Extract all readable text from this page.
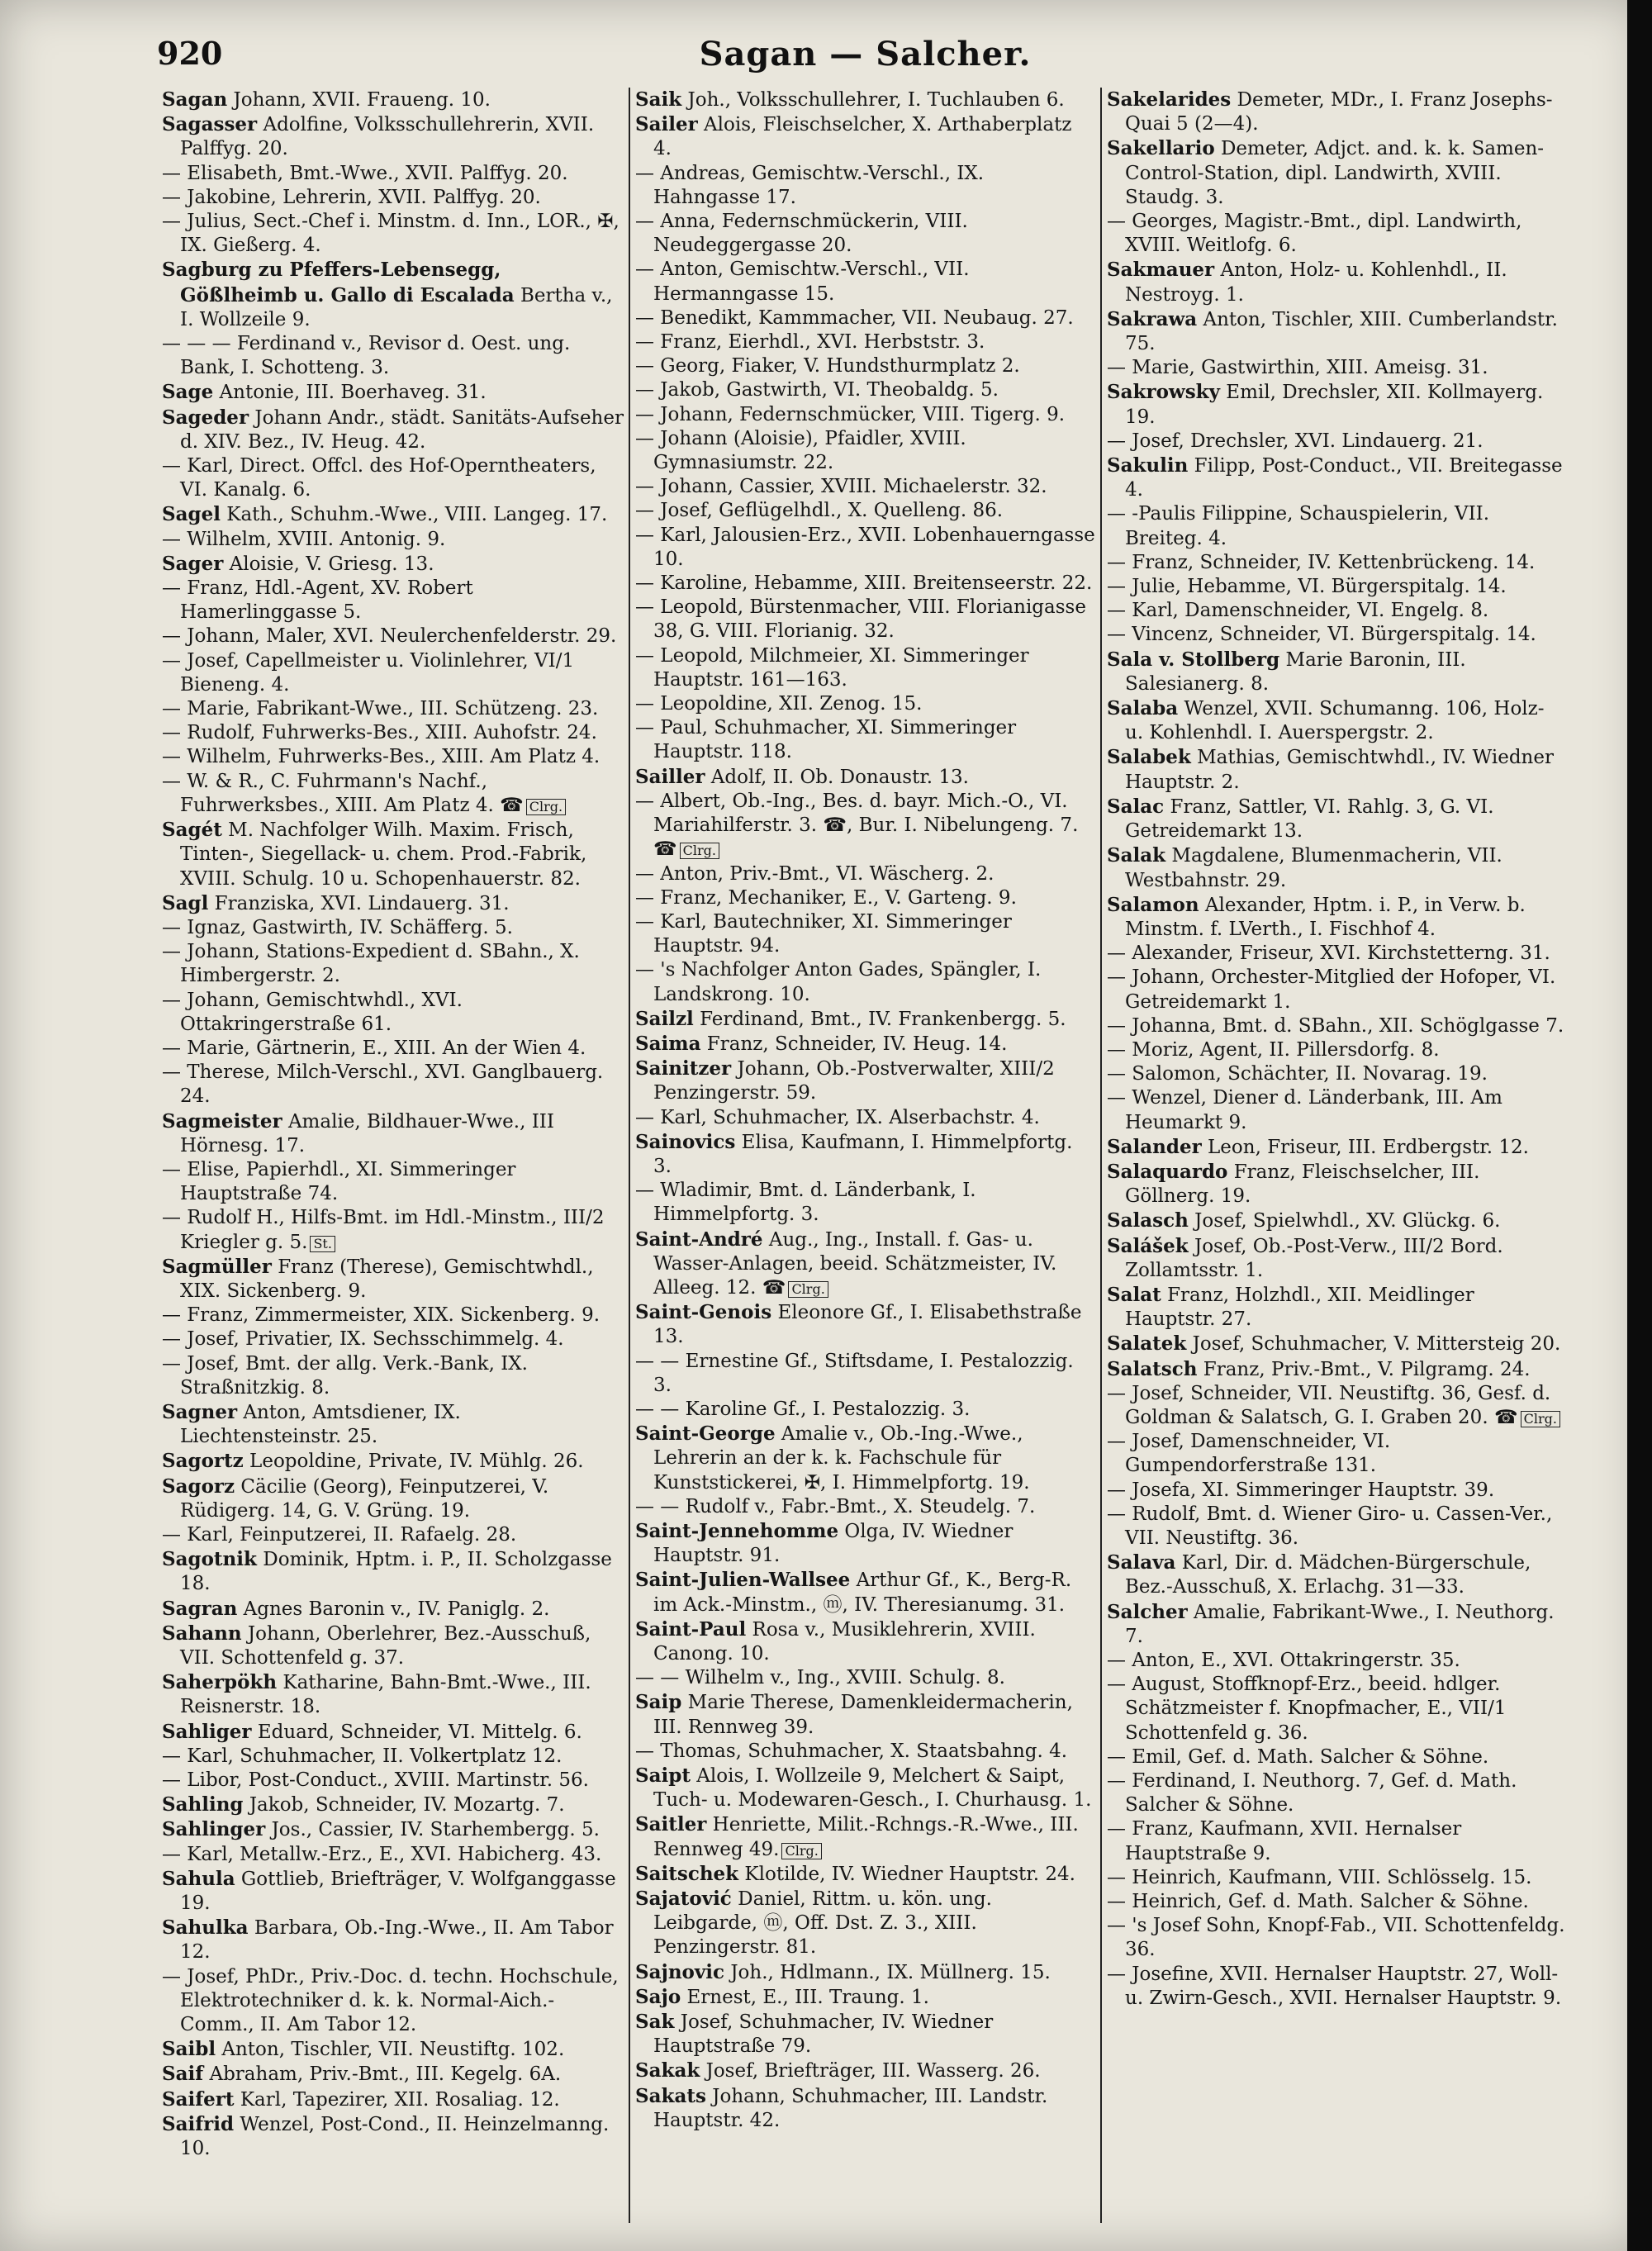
920	Sagan — Salcher.

Sagan Johann, XVII. Fraueng. 10.

Sagasser Adolfine, Volksschullehrerin, XVII. Palffyg. 20.

— Elisabeth, Bmt.-Wwe., XVII. Palffyg. 20.

— Jakobine, Lehrerin, XVII. Palffyg. 20.

— Julius, Sect.-Chef i. Minstm. d. Inn., LOR., ✠, IX. Gießerg. 4.

Sagburg zu Pfeffers-Lebensegg, Gößlheimb u. Gallo di Escalada Bertha v., I. Wollzeile 9.

— — — Ferdinand v., Revisor d. Oest. ung. Bank, I. Schotteng. 3.

Sage Antonie, III. Boerhaveg. 31.

Sageder Johann Andr., städt. Sanitäts-Aufseher d. XIV. Bez., IV. Heug. 42.

— Karl, Direct. Offcl. des Hof-Operntheaters, VI. Kanalg. 6.

Sagel Kath., Schuhm.-Wwe., VIII. Langeg. 17.

— Wilhelm, XVIII. Antonig. 9.

Sager Aloisie, V. Griesg. 13.

— Franz, Hdl.-Agent, XV. Robert Hamerlinggasse 5.

— Johann, Maler, XVI. Neulerchenfelderstr. 29.

— Josef, Capellmeister u. Violinlehrer, VI/1 Bieneng. 4.

— Marie, Fabrikant-Wwe., III. Schützeng. 23.

— Rudolf, Fuhrwerks-Bes., XIII. Auhofstr. 24.

— Wilhelm, Fuhrwerks-Bes., XIII. Am Platz 4.

— W. & R., C. Fuhrmann's Nachf., Fuhrwerksbes., XIII. Am Platz 4. ☎ Clrg.

Sagét M. Nachfolger Wilh. Maxim. Frisch, Tinten-, Siegellack- u. chem. Prod.-Fabrik, XVIII. Schulg. 10 u. Schopenhauerstr. 82.

Sagl Franziska, XVI. Lindauerg. 31.

— Ignaz, Gastwirth, IV. Schäfferg. 5.

— Johann, Stations-Expedient d. SBahn., X. Himbergerstr. 2.

— Johann, Gemischtwhdl., XVI. Ottakringerstraße 61.

— Marie, Gärtnerin, E., XIII. An der Wien 4.

— Therese, Milch-Verschl., XVI. Ganglbauerg. 24.

Sagmeister Amalie, Bildhauer-Wwe., III Hörnesg. 17.

— Elise, Papierhdl., XI. Simmeringer Hauptstraße 74.

— Rudolf H., Hilfs-Bmt. im Hdl.-Minstm., III/2 Kriegler g. 5. St.

Sagmüller Franz (Therese), Gemischtwhdl., XIX. Sickenberg. 9.

— Franz, Zimmermeister, XIX. Sickenberg. 9.

— Josef, Privatier, IX. Sechsschimmelg. 4.

— Josef, Bmt. der allg. Verk.-Bank, IX. Straßnitzkig. 8.

Sagner Anton, Amtsdiener, IX. Liechtensteinstr. 25.

Sagortz Leopoldine, Private, IV. Mühlg. 26.

Sagorz Cäcilie (Georg), Feinputzerei, V. Rüdigerg. 14, G. V. Grüng. 19.

— Karl, Feinputzerei, II. Rafaelg. 28.

Sagotnik Dominik, Hptm. i. P., II. Scholzgasse 18.

Sagran Agnes Baronin v., IV. Paniglg. 2.

Sahann Johann, Oberlehrer, Bez.-Ausschuß, VII. Schottenfeld g. 37.

Saherpökh Katharine, Bahn-Bmt.-Wwe., III. Reisnerstr. 18.

Sahliger Eduard, Schneider, VI. Mittelg. 6.

— Karl, Schuhmacher, II. Volkertplatz 12.

— Libor, Post-Conduct., XVIII. Martinstr. 56.

Sahling Jakob, Schneider, IV. Mozartg. 7.

Sahlinger Jos., Cassier, IV. Starhembergg. 5.

— Karl, Metallw.-Erz., E., XVI. Habicherg. 43.

Sahula Gottlieb, Briefträger, V. Wolfganggasse 19.

Sahulka Barbara, Ob.-Ing.-Wwe., II. Am Tabor 12.

— Josef, PhDr., Priv.-Doc. d. techn. Hochschule, Elektrotechniker d. k. k. Normal-Aich.-Comm., II. Am Tabor 12.

Saibl Anton, Tischler, VII. Neustiftg. 102.

Saif Abraham, Priv.-Bmt., III. Kegelg. 6A.

Saifert Karl, Tapezirer, XII. Rosaliag. 12.

Saifrid Wenzel, Post-Cond., II. Heinzelmanng. 10.

Saik Joh., Volksschullehrer, I. Tuchlauben 6.

Sailer Alois, Fleischselcher, X. Arthaberplatz 4.

— Andreas, Gemischtw.-Verschl., IX. Hahngasse 17.

— Anna, Federnschmückerin, VIII. Neudeggergasse 20.

— Anton, Gemischtw.-Verschl., VII. Hermanngasse 15.

— Benedikt, Kammmacher, VII. Neubaug. 27.

— Franz, Eierhdl., XVI. Herbststr. 3.

— Georg, Fiaker, V. Hundsthurmplatz 2.

— Jakob, Gastwirth, VI. Theobaldg. 5.

— Johann, Federnschmücker, VIII. Tigerg. 9.

— Johann (Aloisie), Pfaidler, XVIII. Gymnasiumstr. 22.

— Johann, Cassier, XVIII. Michaelerstr. 32.

— Josef, Geflügelhdl., X. Quelleng. 86.

— Karl, Jalousien-Erz., XVII. Lobenhauerngasse 10.

— Karoline, Hebamme, XIII. Breitenseerstr. 22.

— Leopold, Bürstenmacher, VIII. Florianigasse 38, G. VIII. Florianig. 32.

— Leopold, Milchmeier, XI. Simmeringer Hauptstr. 161—163.

— Leopoldine, XII. Zenog. 15.

— Paul, Schuhmacher, XI. Simmeringer Hauptstr. 118.

Sailler Adolf, II. Ob. Donaustr. 13.

— Albert, Ob.-Ing., Bes. d. bayr. Mich.-O., VI. Mariahilferstr. 3. ☎, Bur. I. Nibelungeng. 7. ☎ Clrg.

— Anton, Priv.-Bmt., VI. Wäscherg. 2.

— Franz, Mechaniker, E., V. Garteng. 9.

— Karl, Bautechniker, XI. Simmeringer Hauptstr. 94.

— 's Nachfolger Anton Gades, Spängler, I. Landskrong. 10.

Sailzl Ferdinand, Bmt., IV. Frankenbergg. 5.

Saima Franz, Schneider, IV. Heug. 14.

Sainitzer Johann, Ob.-Postverwalter, XIII/2 Penzingerstr. 59.

— Karl, Schuhmacher, IX. Alserbachstr. 4.

Sainovics Elisa, Kaufmann, I. Himmelpfortg. 3.

— Wladimir, Bmt. d. Länderbank, I. Himmelpfortg. 3.

Saint-André Aug., Ing., Install. f. Gas- u. Wasser-Anlagen, beeid. Schätzmeister, IV. Alleeg. 12. ☎ Clrg.

Saint-Genois Eleonore Gf., I. Elisabethstraße 13.

— — Ernestine Gf., Stiftsdame, I. Pestalozzig. 3.

— — Karoline Gf., I. Pestalozzig. 3.

Saint-George Amalie v., Ob.-Ing.-Wwe., Lehrerin an der k. k. Fachschule für Kunststickerei, ✠, I. Himmelpfortg. 19.

— — Rudolf v., Fabr.-Bmt., X. Steudelg. 7.

Saint-Jennehomme Olga, IV. Wiedner Hauptstr. 91.

Saint-Julien-Wallsee Arthur Gf., K., Berg-R. im Ack.-Minstm., ⓜ, IV. Theresianumg. 31.

Saint-Paul Rosa v., Musiklehrerin, XVIII. Canong. 10.

— — Wilhelm v., Ing., XVIII. Schulg. 8.

Saip Marie Therese, Damenkleidermacherin, III. Rennweg 39.

— Thomas, Schuhmacher, X. Staatsbahng. 4.

Saipt Alois, I. Wollzeile 9, Melchert & Saipt, Tuch- u. Modewaren-Gesch., I. Churhausg. 1.

Saitler Henriette, Milit.-Rchngs.-R.-Wwe., III. Rennweg 49. Clrg.

Saitschek Klotilde, IV. Wiedner Hauptstr. 24.

Sajatović Daniel, Rittm. u. kön. ung. Leibgarde, ⓜ, Off. Dst. Z. 3., XIII. Penzingerstr. 81.

Sajnovic Joh., Hdlmann., IX. Müllnerg. 15.

Sajo Ernest, E., III. Traung. 1.

Sak Josef, Schuhmacher, IV. Wiedner Hauptstraße 79.

Sakak Josef, Briefträger, III. Wasserg. 26.

Sakats Johann, Schuhmacher, III. Landstr. Hauptstr. 42.

Sakelarides Demeter, MDr., I. Franz Josephs-Quai 5 (2—4).

Sakellario Demeter, Adjct. and. k. k. Samen-Control-Station, dipl. Landwirth, XVIII. Staudg. 3.

— Georges, Magistr.-Bmt., dipl. Landwirth, XVIII. Weitlofg. 6.

Sakmauer Anton, Holz- u. Kohlenhdl., II. Nestroyg. 1.

Sakrawa Anton, Tischler, XIII. Cumberlandstr. 75.

— Marie, Gastwirthin, XIII. Ameisg. 31.

Sakrowsky Emil, Drechsler, XII. Kollmayerg. 19.

— Josef, Drechsler, XVI. Lindauerg. 21.

Sakulin Filipp, Post-Conduct., VII. Breitegasse 4.

— -Paulis Filippine, Schauspielerin, VII. Breiteg. 4.

— Franz, Schneider, IV. Kettenbrückeng. 14.

— Julie, Hebamme, VI. Bürgerspitalg. 14.

— Karl, Damenschneider, VI. Engelg. 8.

— Vincenz, Schneider, VI. Bürgerspitalg. 14.

Sala v. Stollberg Marie Baronin, III. Salesianerg. 8.

Salaba Wenzel, XVII. Schumanng. 106, Holz- u. Kohlenhdl. I. Auerspergstr. 2.

Salabek Mathias, Gemischtwhdl., IV. Wiedner Hauptstr. 2.

Salac Franz, Sattler, VI. Rahlg. 3, G. VI. Getreidemarkt 13.

Salak Magdalene, Blumenmacherin, VII. Westbahnstr. 29.

Salamon Alexander, Hptm. i. P., in Verw. b. Minstm. f. LVerth., I. Fischhof 4.

— Alexander, Friseur, XVI. Kirchstetterng. 31.

— Johann, Orchester-Mitglied der Hofoper, VI. Getreidemarkt 1.

— Johanna, Bmt. d. SBahn., XII. Schöglgasse 7.

— Moriz, Agent, II. Pillersdorfg. 8.

— Salomon, Schächter, II. Novarag. 19.

— Wenzel, Diener d. Länderbank, III. Am Heumarkt 9.

Salander Leon, Friseur, III. Erdbergstr. 12.

Salaquardo Franz, Fleischselcher, III. Göllnerg. 19.

Salasch Josef, Spielwhdl., XV. Glückg. 6.

Salášek Josef, Ob.-Post-Verw., III/2 Bord. Zollamtsstr. 1.

Salat Franz, Holzhdl., XII. Meidlinger Hauptstr. 27.

Salatek Josef, Schuhmacher, V. Mittersteig 20.

Salatsch Franz, Priv.-Bmt., V. Pilgramg. 24.

— Josef, Schneider, VII. Neustiftg. 36, Gesf. d. Goldman & Salatsch, G. I. Graben 20. ☎ Clrg.

— Josef, Damenschneider, VI. Gumpendorferstraße 131.

— Josefa, XI. Simmeringer Hauptstr. 39.

— Rudolf, Bmt. d. Wiener Giro- u. Cassen-Ver., VII. Neustiftg. 36.

Salava Karl, Dir. d. Mädchen-Bürgerschule, Bez.-Ausschuß, X. Erlachg. 31—33.

Salcher Amalie, Fabrikant-Wwe., I. Neuthorg. 7.

— Anton, E., XVI. Ottakringerstr. 35.

— August, Stoffknopf-Erz., beeid. hdlger. Schätzmeister f. Knopfmacher, E., VII/1 Schottenfeld g. 36.

— Emil, Gef. d. Math. Salcher & Söhne.

— Ferdinand, I. Neuthorg. 7, Gef. d. Math. Salcher & Söhne.

— Franz, Kaufmann, XVII. Hernalser Hauptstraße 9.

— Heinrich, Kaufmann, VIII. Schlösselg. 15.

— Heinrich, Gef. d. Math. Salcher & Söhne.

— 's Josef Sohn, Knopf-Fab., VII. Schottenfeldg. 36.

— Josefine, XVII. Hernalser Hauptstr. 27, Woll- u. Zwirn-Gesch., XVII. Hernalser Hauptstr. 9.
